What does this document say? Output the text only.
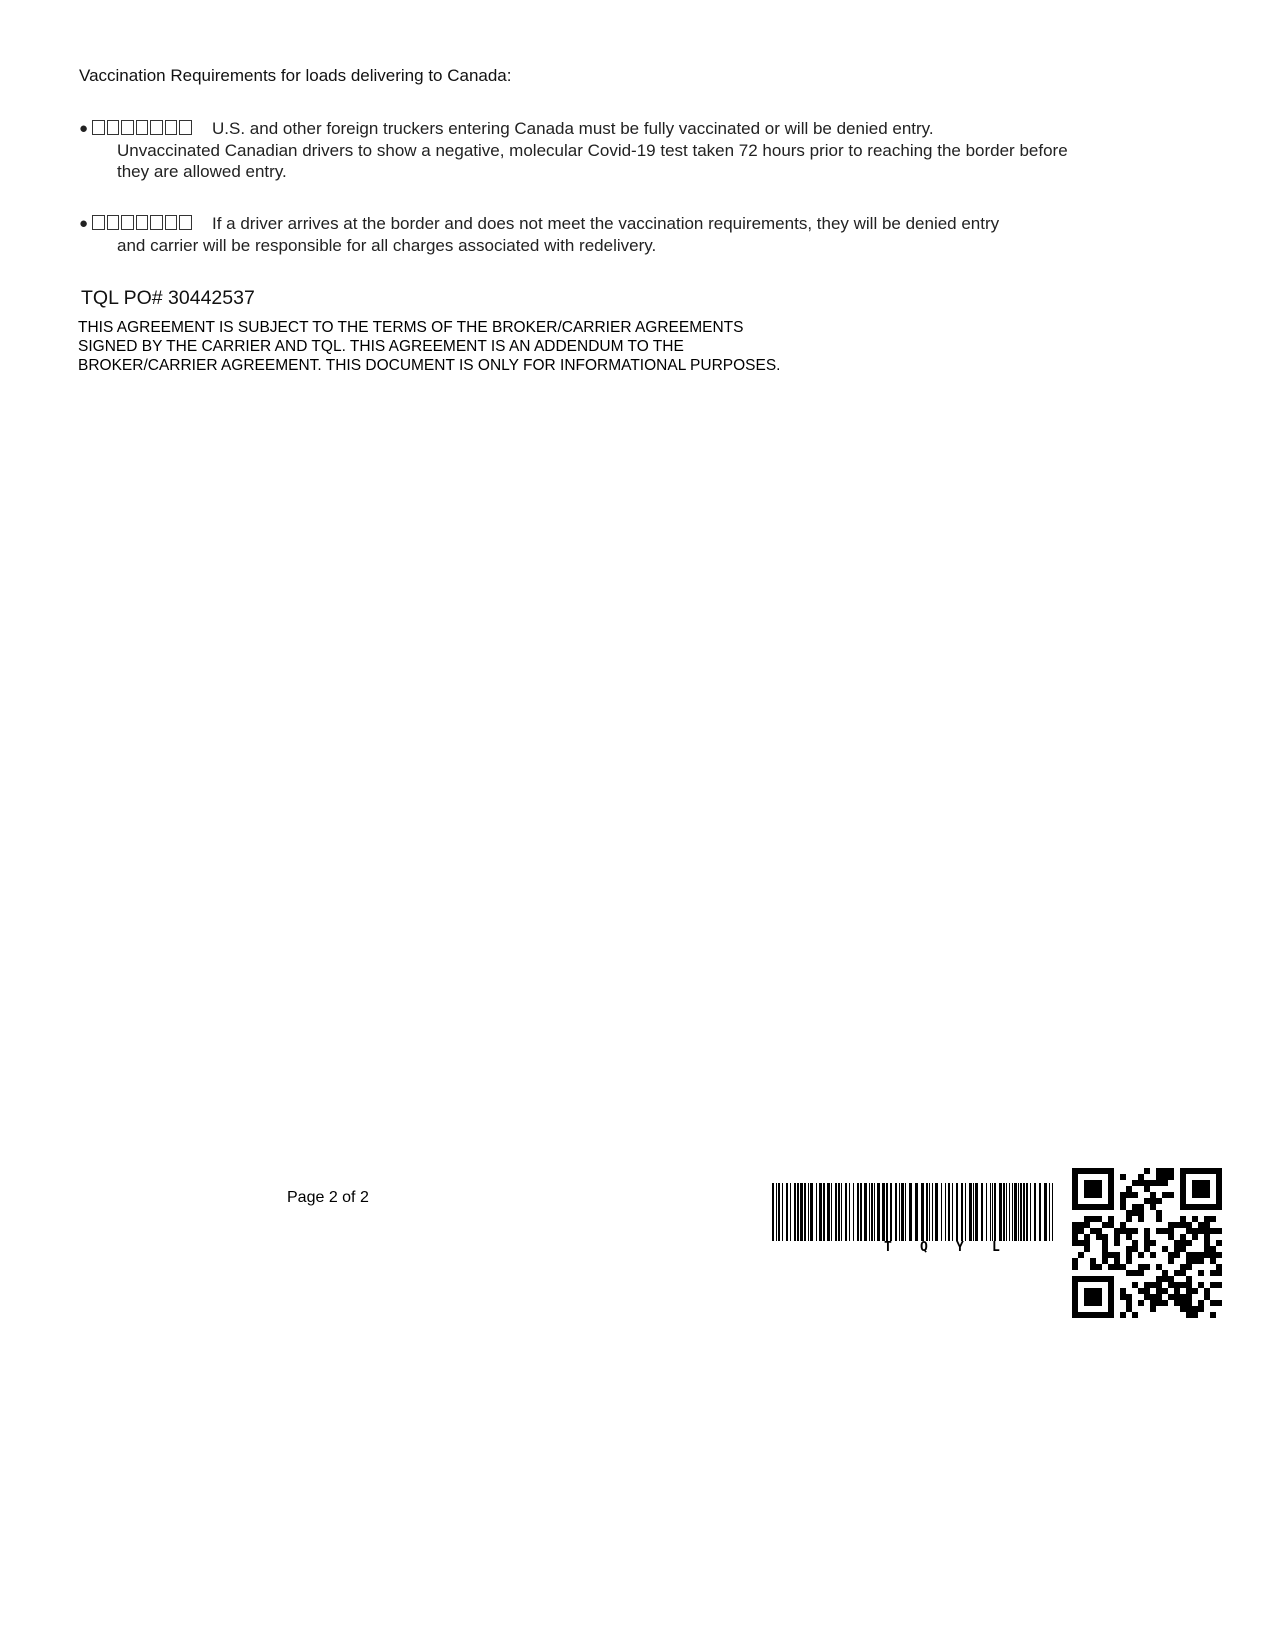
Vaccination Requirements for loads delivering to Canada:
●	U.S. and other foreign truckers entering Canada must be fully vaccinated or will be denied entry.
Unvaccinated Canadian drivers to show a negative, molecular Covid-19 test taken 72 hours prior to reaching the border before they are allowed entry.
●	If a driver arrives at the border and does not meet the vaccination requirements, they will be denied entry
and carrier will be responsible for all charges associated with redelivery.
TQL PO# 30442537
THIS AGREEMENT IS SUBJECT TO THE TERMS OF THE BROKER/CARRIER AGREEMENTS SIGNED BY THE CARRIER AND TQL. THIS AGREEMENT IS AN ADDENDUM TO THE BROKER/CARRIER AGREEMENT. THIS DOCUMENT IS ONLY FOR INFORMATIONAL PURPOSES.
Page 2 of 2
T Q Y L
